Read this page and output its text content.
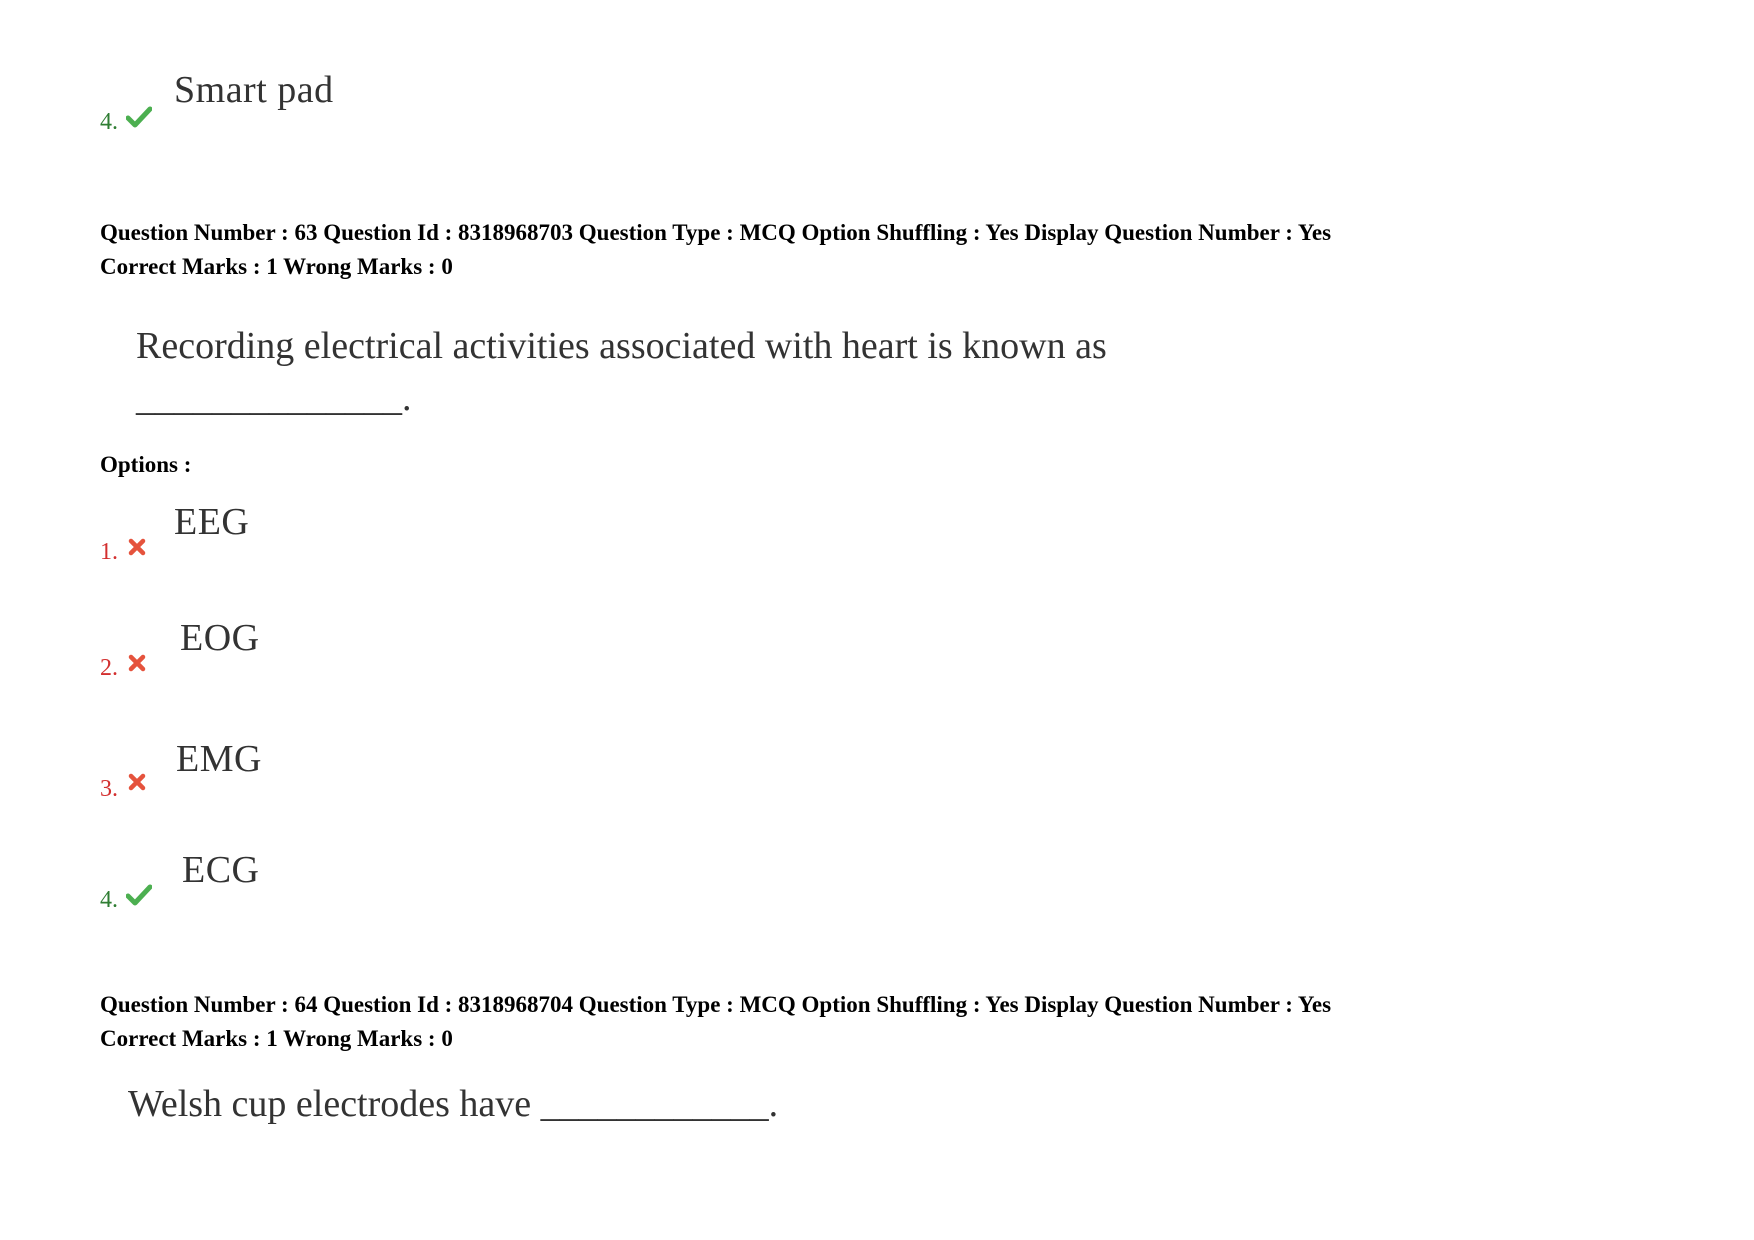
4.
Smart pad
Question Number : 63 Question Id : 8318968703 Question Type : MCQ Option Shuffling : Yes Display Question Number : Yes
Correct Marks : 1 Wrong Marks : 0
Recording electrical activities associated with heart is known as
______________.
Options :
1.
EEG
2.
EOG
3.
EMG
4.
ECG
Question Number : 64 Question Id : 8318968704 Question Type : MCQ Option Shuffling : Yes Display Question Number : Yes
Correct Marks : 1 Wrong Marks : 0
Welsh cup electrodes have ____________.
